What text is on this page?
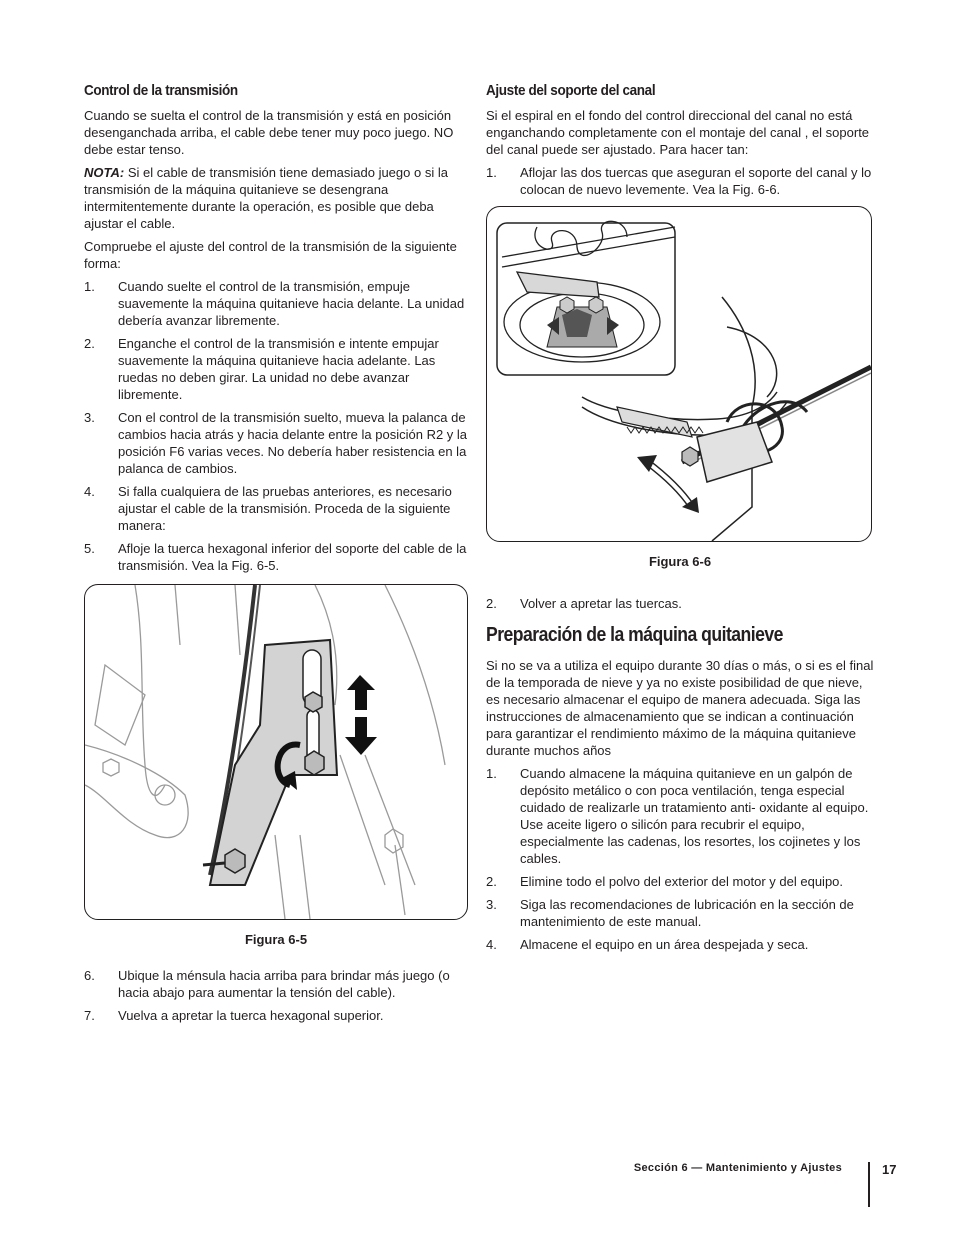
Control de la transmisión

Cuando se suelta el control de la transmisión y está en posición desenganchada arriba, el cable debe tener muy poco juego. NO debe estar tenso.

NOTA: Si el cable de transmisión tiene demasiado juego o si la transmisión de la máquina quitanieve se desengrana intermitentemente durante la operación, es posible que deba ajustar el cable.

Compruebe el ajuste del control de la transmisión de la siguiente forma:

1. Cuando suelte el control de la transmisión, empuje suavemente la máquina quitanieve hacia delante. La unidad debería avanzar libremente.
2. Enganche el control de la transmisión e intente empujar suavemente la máquina quitanieve hacia adelante. Las ruedas no deben girar. La unidad no debe avanzar libremente.
3. Con el control de la transmisión suelto, mueva la palanca de cambios hacia atrás y hacia delante entre la posición R2 y la posición F6 varias veces. No debería haber resistencia en la palanca de cambios.
4. Si falla cualquiera de las pruebas anteriores, es necesario ajustar el cable de la transmisión. Proceda de la siguiente manera:
5. Afloje la tuerca hexagonal inferior del soporte del cable de la transmisión. Vea la Fig. 6-5.

Figura 6-5

6. Ubique la ménsula hacia arriba para brindar más juego (o hacia abajo para aumentar la tensión del cable).
7. Vuelva a apretar la tuerca hexagonal superior.
Ajuste del soporte del canal

Si el espiral en el fondo del control direccional del canal no está enganchando completamente con el montaje del canal , el soporte del canal puede ser ajustado. Para hacer tan:

1. Aflojar las dos tuercas que aseguran el soporte del canal y lo colocan de nuevo levemente. Vea la Fig. 6-6.

Figura 6-6

2. Volver a apretar las tuercas.
Preparación de la máquina quitanieve

Si no se va a utiliza el equipo durante 30 días o más, o si es el final de la temporada de nieve y ya no existe posibilidad de que nieve, es necesario almacenar el equipo de manera adecuada. Siga las instrucciones de almacenamiento que se indican a continuación para garantizar el rendimiento máximo de la máquina quitanieve durante muchos años

1. Cuando almacene la máquina quitanieve en un galpón de depósito metálico o con poca ventilación, tenga especial cuidado de realizarle un tratamiento anti- oxidante al equipo. Use aceite ligero o silicón para recubrir el equipo, especialmente las cadenas, los resortes, los cojinetes y los cables.
2. Elimine todo el polvo del exterior del motor y del equipo.
3. Siga las recomendaciones de lubricación en la sección de mantenimiento de este manual.
4. Almacene el equipo en un área despejada y seca.
Sección 6 — Mantenimiento y Ajustes	17
